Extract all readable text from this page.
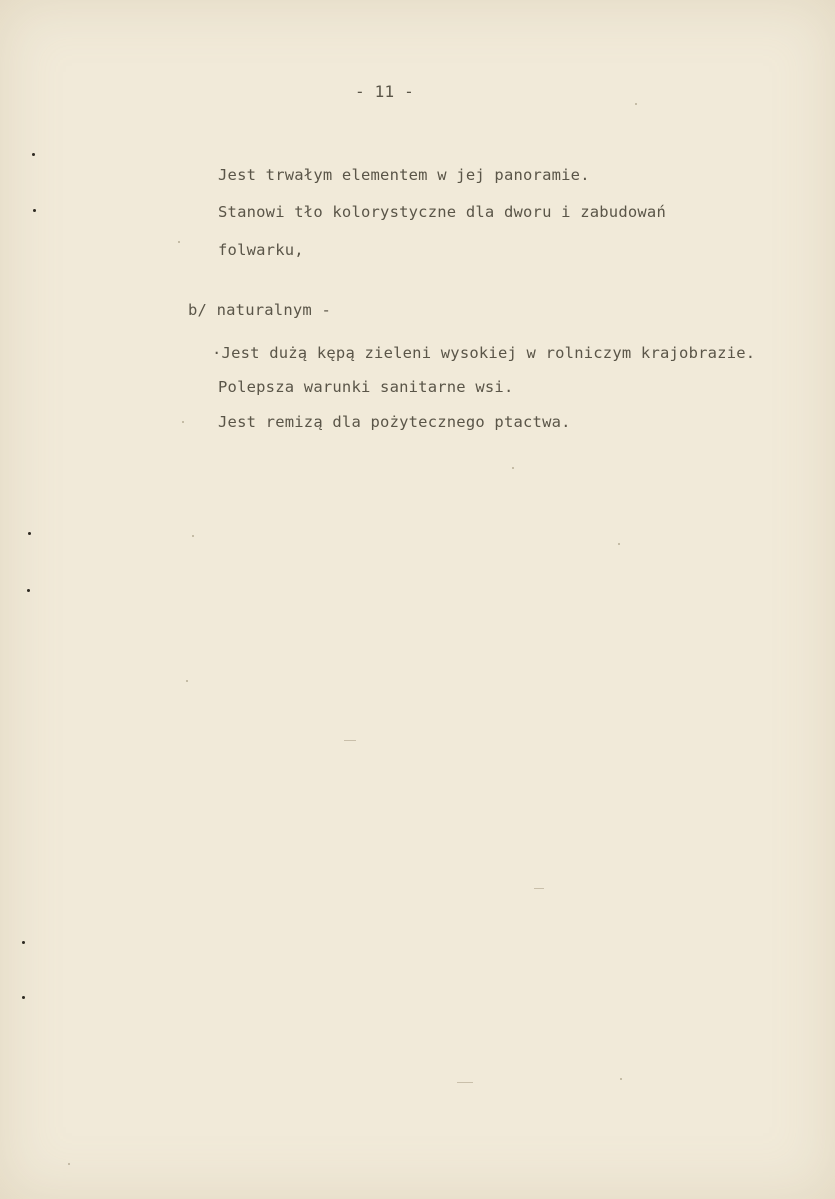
- 11 -
Jest trwałym elementem w jej panoramie.
Stanowi tło kolorystyczne dla dworu i zabudowań
folwarku,
b/ naturalnym -
·Jest dużą kępą zieleni wysokiej w rolniczym krajobrazie.
Polepsza warunki sanitarne wsi.
Jest remizą dla pożytecznego ptactwa.
